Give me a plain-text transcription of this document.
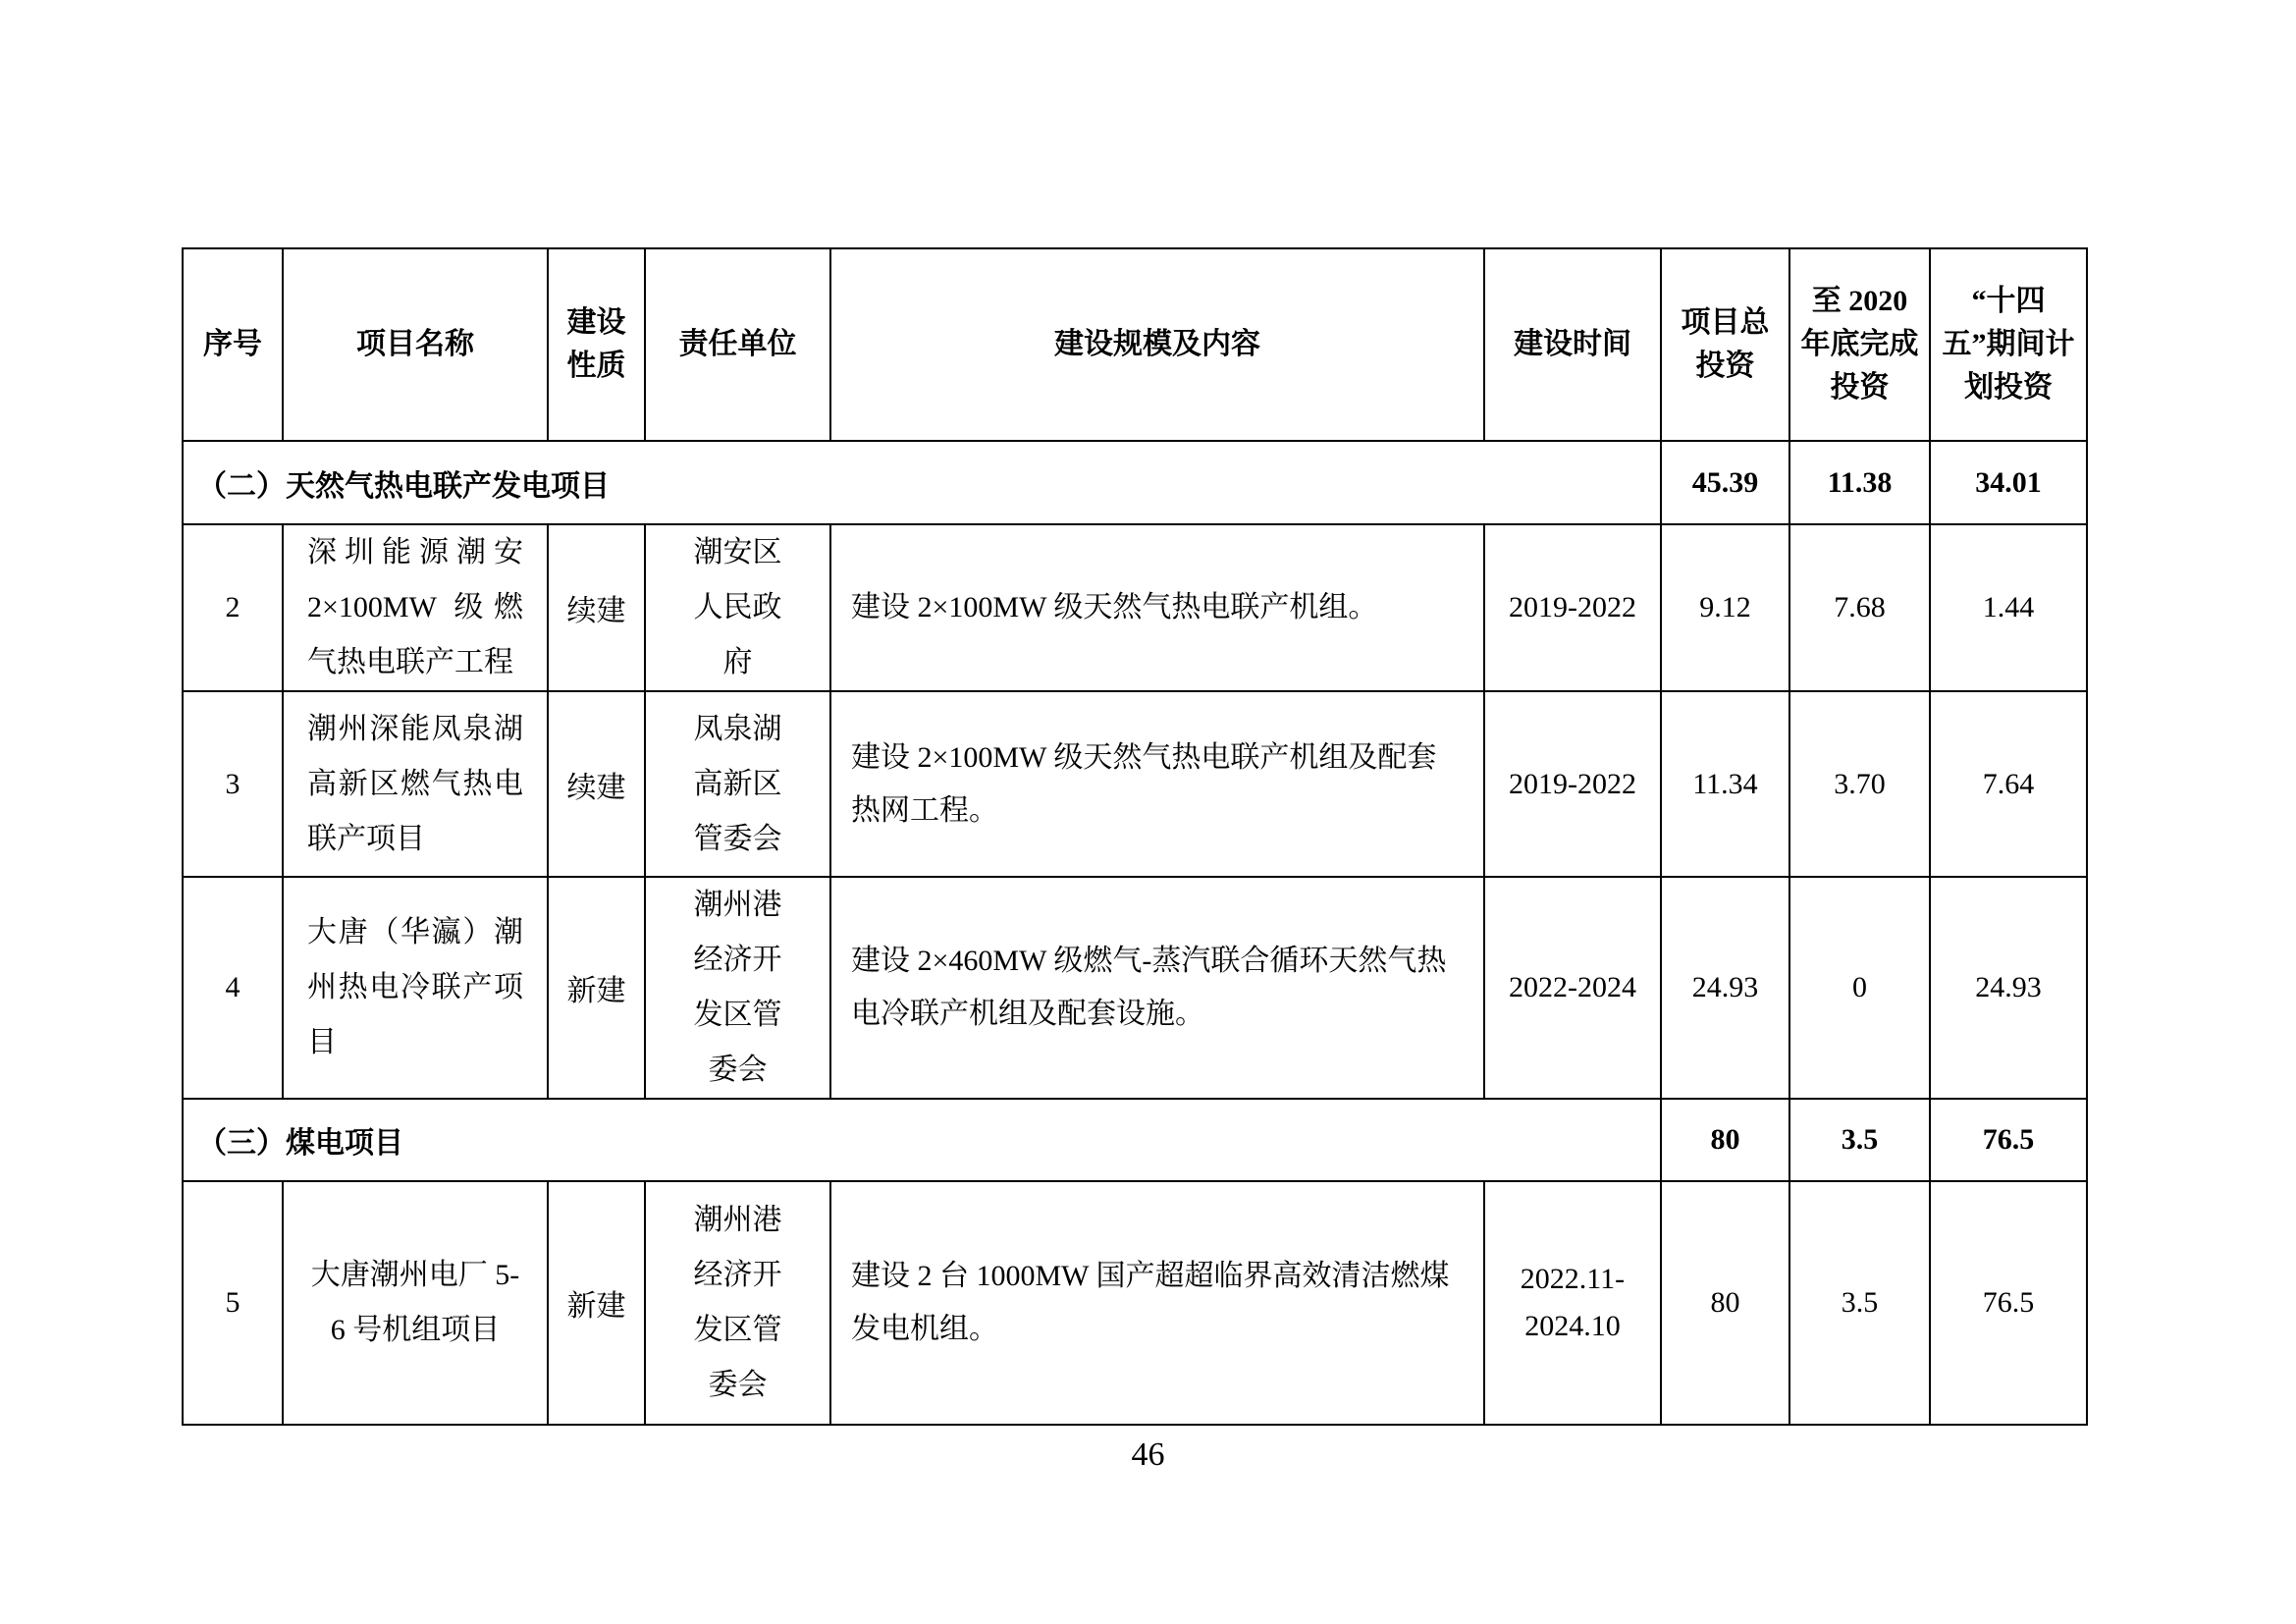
序号	项目名称	建设性质	责任单位	建设规模及内容	建设时间	项目总投资	至 2020 年底完成投资	“十四五”期间计划投资
（二）天然气热电联产发电项目						45.39	11.38	34.01
2	深圳能源潮安 2×100MW 级燃气热电联产工程	续建	潮安区人民政府	建设 2×100MW 级天然气热电联产机组。	2019-2022	9.12	7.68	1.44
3	潮州深能凤泉湖高新区燃气热电联产项目	续建	凤泉湖高新区管委会	建设 2×100MW 级天然气热电联产机组及配套热网工程。	2019-2022	11.34	3.70	7.64
4	大唐（华瀛）潮州热电冷联产项目	新建	潮州港经济开发区管委会	建设 2×460MW 级燃气-蒸汽联合循环天然气热电冷联产机组及配套设施。	2022-2024	24.93	0	24.93
（三）煤电项目						80	3.5	76.5
5	大唐潮州电厂 5-6 号机组项目	新建	潮州港经济开发区管委会	建设 2 台 1000MW 国产超超临界高效清洁燃煤发电机组。	2022.11-2024.10	80	3.5	76.5
46
